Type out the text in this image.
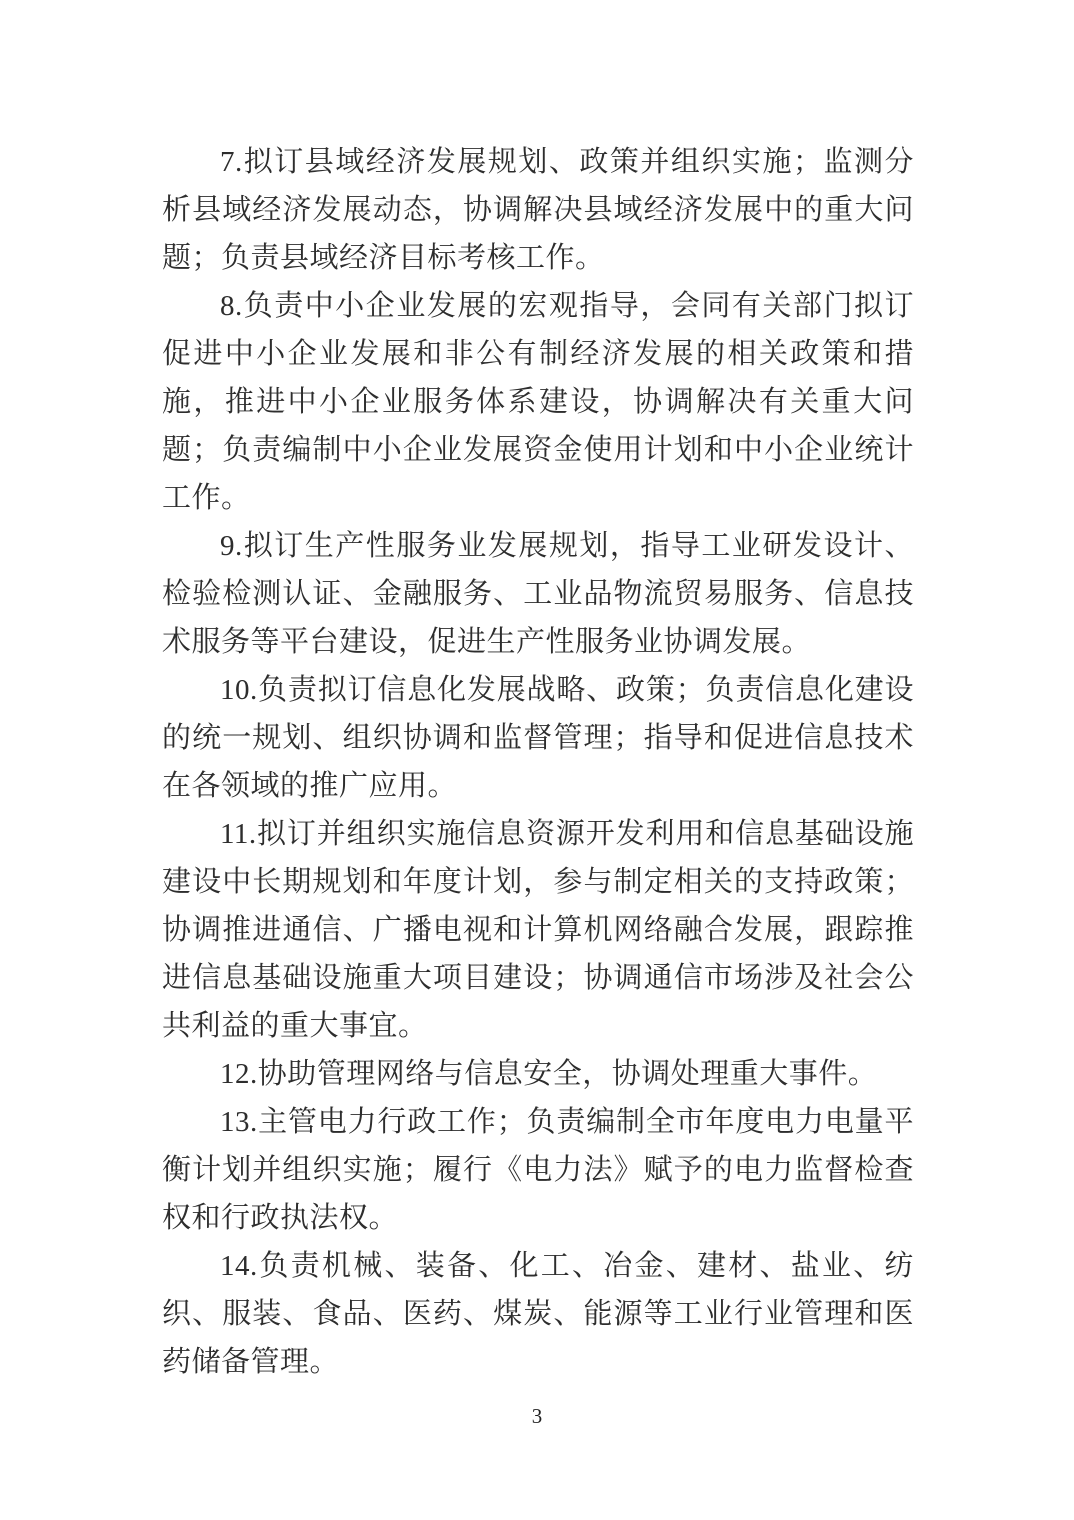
7.拟订县域经济发展规划、政策并组织实施；监测分析县域经济发展动态，协调解决县域经济发展中的重大问题；负责县域经济目标考核工作。

8.负责中小企业发展的宏观指导，会同有关部门拟订促进中小企业发展和非公有制经济发展的相关政策和措施，推进中小企业服务体系建设，协调解决有关重大问题；负责编制中小企业发展资金使用计划和中小企业统计工作。

9.拟订生产性服务业发展规划，指导工业研发设计、检验检测认证、金融服务、工业品物流贸易服务、信息技术服务等平台建设，促进生产性服务业协调发展。

10.负责拟订信息化发展战略、政策；负责信息化建设的统一规划、组织协调和监督管理；指导和促进信息技术在各领域的推广应用。

11.拟订并组织实施信息资源开发利用和信息基础设施建设中长期规划和年度计划，参与制定相关的支持政策；协调推进通信、广播电视和计算机网络融合发展，跟踪推进信息基础设施重大项目建设；协调通信市场涉及社会公共利益的重大事宜。

12.协助管理网络与信息安全，协调处理重大事件。

13.主管电力行政工作；负责编制全市年度电力电量平衡计划并组织实施；履行《电力法》赋予的电力监督检查权和行政执法权。

14.负责机械、装备、化工、冶金、建材、盐业、纺织、服装、食品、医药、煤炭、能源等工业行业管理和医药储备管理。

3
